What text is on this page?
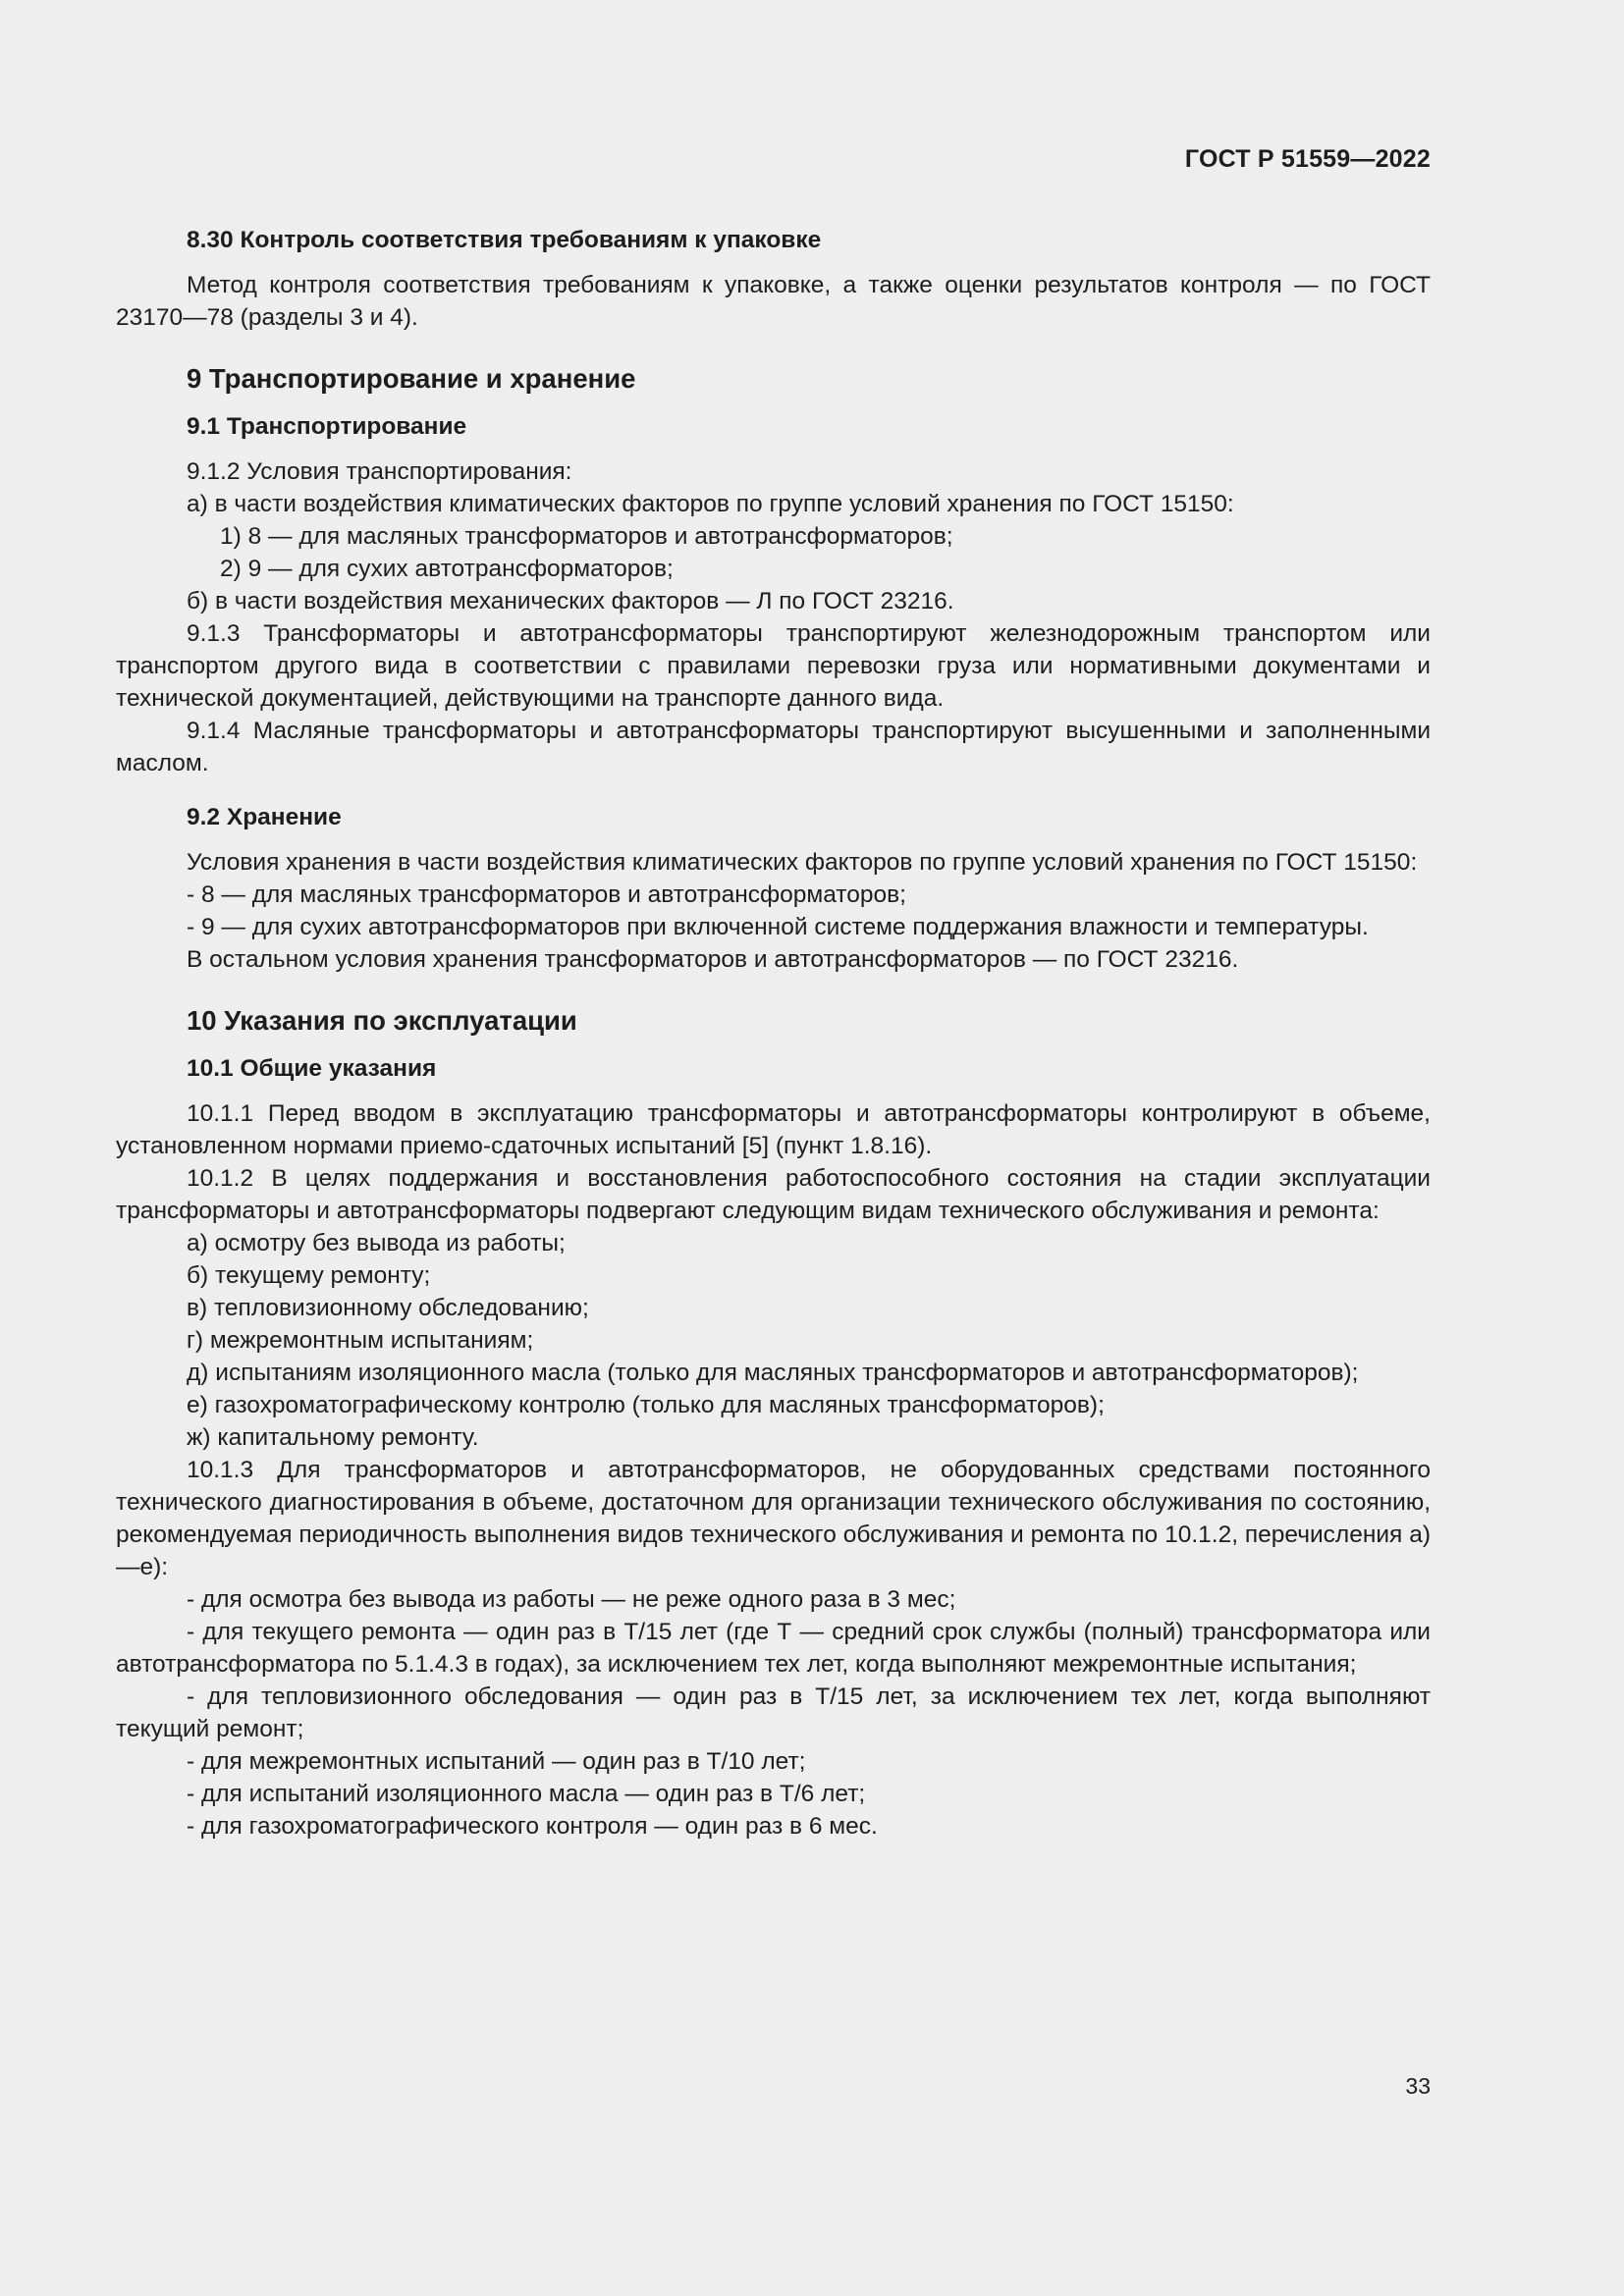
ГОСТ Р 51559—2022

8.30 Контроль соответствия требованиям к упаковке

Метод контроля соответствия требованиям к упаковке, а также оценки результатов контроля — по ГОСТ 23170—78 (разделы 3 и 4).

9 Транспортирование и хранение

9.1 Транспортирование

9.1.2 Условия транспортирования:

а) в части воздействия климатических факторов по группе условий хранения по ГОСТ 15150:

1) 8 — для масляных трансформаторов и автотрансформаторов;

2) 9 — для сухих автотрансформаторов;

б) в части воздействия механических факторов — Л по ГОСТ 23216.

9.1.3 Трансформаторы и автотрансформаторы транспортируют железнодорожным транспортом или транспортом другого вида в соответствии с правилами перевозки груза или нормативными документами и технической документацией, действующими на транспорте данного вида.

9.1.4 Масляные трансформаторы и автотрансформаторы транспортируют высушенными и заполненными маслом.

9.2 Хранение

Условия хранения в части воздействия климатических факторов по группе условий хранения по ГОСТ 15150:

- 8 — для масляных трансформаторов и автотрансформаторов;

- 9 — для сухих автотрансформаторов при включенной системе поддержания влажности и температуры.

В остальном условия хранения трансформаторов и автотрансформаторов — по ГОСТ 23216.

10 Указания по эксплуатации

10.1 Общие указания

10.1.1 Перед вводом в эксплуатацию трансформаторы и автотрансформаторы контролируют в объеме, установленном нормами приемо-сдаточных испытаний [5] (пункт 1.8.16).

10.1.2 В целях поддержания и восстановления работоспособного состояния на стадии эксплуатации трансформаторы и автотрансформаторы подвергают следующим видам технического обслуживания и ремонта:

а) осмотру без вывода из работы;

б) текущему ремонту;

в) тепловизионному обследованию;

г) межремонтным испытаниям;

д) испытаниям изоляционного масла (только для масляных трансформаторов и автотрансформаторов);

е) газохроматографическому контролю (только для масляных трансформаторов);

ж) капитальному ремонту.

10.1.3 Для трансформаторов и автотрансформаторов, не оборудованных средствами постоянного технического диагностирования в объеме, достаточном для организации технического обслуживания по состоянию, рекомендуемая периодичность выполнения видов технического обслуживания и ремонта по 10.1.2, перечисления а)—е):

- для осмотра без вывода из работы — не реже одного раза в 3 мес;

- для текущего ремонта — один раз в Т/15 лет (где Т — средний срок службы (полный) трансформатора или автотрансформатора по 5.1.4.3 в годах), за исключением тех лет, когда выполняют межремонтные испытания;

- для тепловизионного обследования — один раз в Т/15 лет, за исключением тех лет, когда выполняют текущий ремонт;

- для межремонтных испытаний — один раз в Т/10 лет;

- для испытаний изоляционного масла — один раз в Т/6 лет;

- для газохроматографического контроля — один раз в 6 мес.

33
